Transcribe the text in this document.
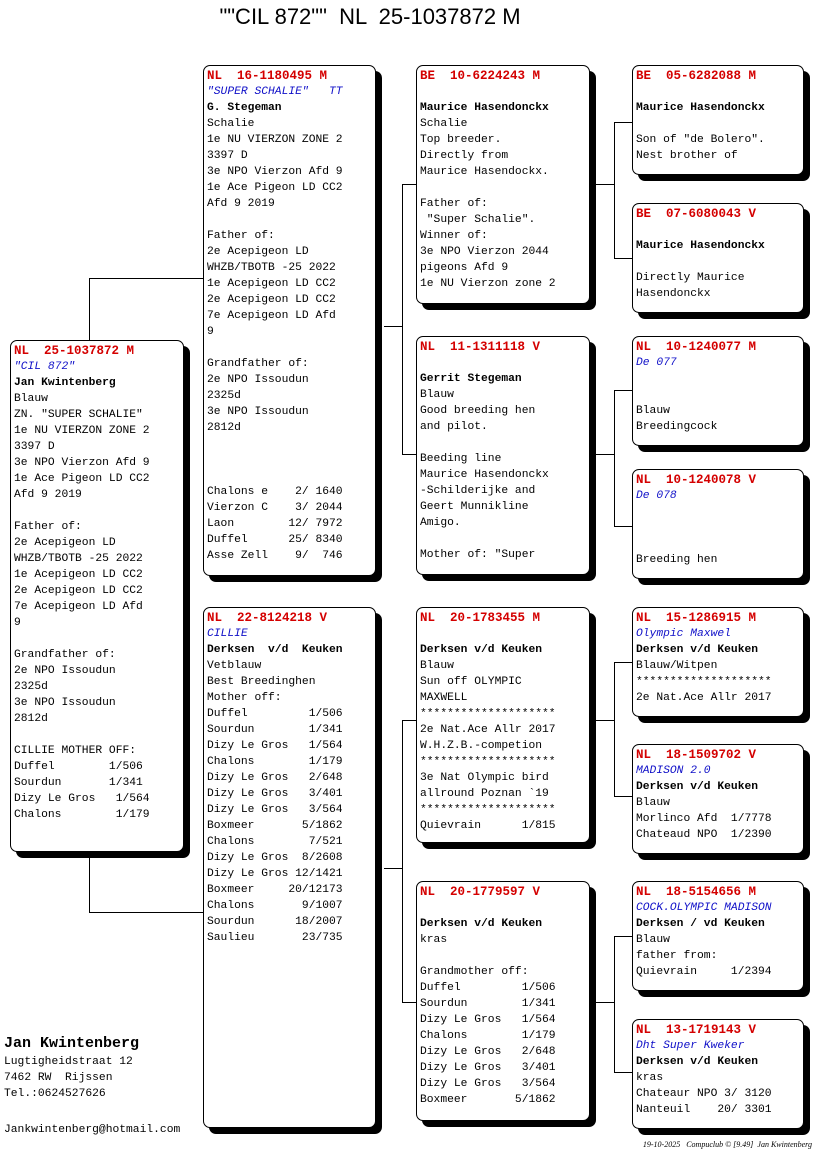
""CIL 872""  NL  25-1037872 M
NL  25-1037872 M
"CIL 872"
Jan Kwintenberg
Blauw
ZN. "SUPER SCHALIE"
1e NU VIERZON ZONE 2
3397 D
3e NPO Vierzon Afd 9
1e Ace Pigeon LD CC2
Afd 9 2019
Father of:
2e Acepigeon LD
WHZB/TBOTB -25 2022
1e Acepigeon LD CC2
2e Acepigeon LD CC2
7e Acepigeon LD Afd
9
Grandfather of:
2e NPO Issoudun
2325d
3e NPO Issoudun
2812d
CILLIE MOTHER OFF:
Duffel        1/506
Sourdun       1/341
Dizy Le Gros   1/564
Chalons        1/179
NL  16-1180495 M
"SUPER SCHALIE"   TT
G. Stegeman
Schalie
1e NU VIERZON ZONE 2
3397 D
3e NPO Vierzon Afd 9
1e Ace Pigeon LD CC2
Afd 9 2019
Father of:
2e Acepigeon LD
WHZB/TBOTB -25 2022
1e Acepigeon LD CC2
2e Acepigeon LD CC2
7e Acepigeon LD Afd
9
Grandfather of:
2e NPO Issoudun
2325d
3e NPO Issoudun
2812d
Chalons e    2/ 1640
Vierzon C    3/ 2044
Laon        12/ 7972
Duffel      25/ 8340
Asse Zell    9/  746
NL  22-8124218 V
CILLIE
Derksen  v/d  Keuken
Vetblauw
Best Breedinghen
Mother off:
Duffel         1/506
Sourdun        1/341
Dizy Le Gros   1/564
Chalons        1/179
Dizy Le Gros   2/648
Dizy Le Gros   3/401
Dizy Le Gros   3/564
Boxmeer       5/1862
Chalons        7/521
Dizy Le Gros  8/2608
Dizy Le Gros 12/1421
Boxmeer     20/12173
Chalons       9/1007
Sourdun      18/2007
Saulieu       23/735
BE  10-6224243 M
Maurice Hasendonckx
Schalie
Top breeder.
Directly from
Maurice Hasendockx.
Father of:
"Super Schalie".
Winner of:
3e NPO Vierzon 2044
pigeons Afd 9
1e NU Vierzon zone 2
NL  11-1311118 V
Gerrit Stegeman
Blauw
Good breeding hen
and pilot.
Beeding line
Maurice Hasendonckx
-Schilderijke and
Geert Munnikline
Amigo.
Mother of: "Super
NL  20-1783455 M
Derksen v/d Keuken
Blauw
Sun off OLYMPIC
MAXWELL
********************
2e Nat.Ace Allr 2017
W.H.Z.B.-competion
********************
3e Nat Olympic bird
allround Poznan `19
********************
Quievrain      1/815
NL  20-1779597 V
Derksen v/d Keuken
kras
Grandmother off:
Duffel         1/506
Sourdun        1/341
Dizy Le Gros   1/564
Chalons        1/179
Dizy Le Gros   2/648
Dizy Le Gros   3/401
Dizy Le Gros   3/564
Boxmeer       5/1862
BE  05-6282088 M
Maurice Hasendonckx
Son of "de Bolero".
Nest brother of
BE  07-6080043 V
Maurice Hasendonckx
Directly Maurice
Hasendonckx
NL  10-1240077 M
De 077
Blauw
Breedingcock
NL  10-1240078 V
De 078
Breeding hen
NL  15-1286915 M
Olympic Maxwel
Derksen v/d Keuken
Blauw/Witpen
********************
2e Nat.Ace Allr 2017
NL  18-1509702 V
MADISON 2.0
Derksen v/d Keuken
Blauw
Morlinco Afd  1/7778
Chateaud NPO  1/2390
NL  18-5154656 M
COCK.OLYMPIC MADISON
Derksen / vd Keuken
Blauw
father from:
Quievrain     1/2394
NL  13-1719143 V
Dht Super Kweker
Derksen v/d Keuken
kras
Chateaur NPO 3/ 3120
Nanteuil    20/ 3301
Jan Kwintenberg
Lugtigheidstraat 12
7462 RW  Rijssen
Tel.:0624527626
Jankwintenberg@hotmail.com
19-10-2025   Compuclub © [9.49]  Jan Kwintenberg
